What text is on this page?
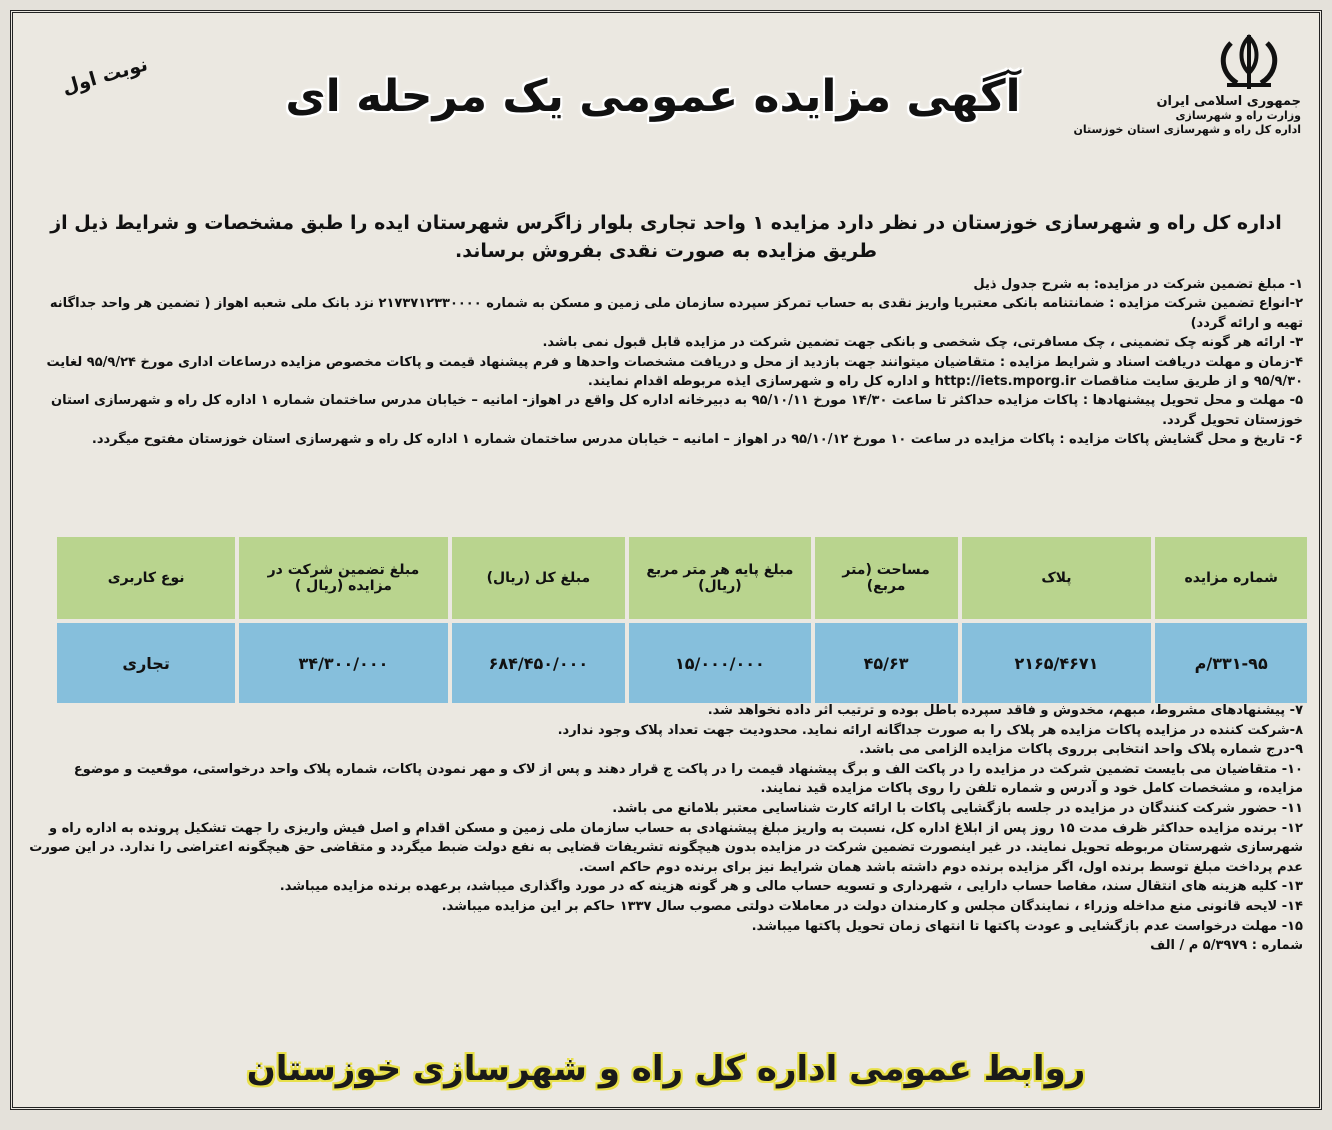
جمهوری اسلامی ایران
وزارت راه و شهرسازی
اداره کل راه و شهرسازی استان خوزستان
آگهی مزایده عمومی یک مرحله ای
نوبت اول
اداره کل راه و شهرسازی خوزستان در نظر دارد مزایده ۱ واحد تجاری بلوار زاگرس شهرستان ایده را طبق مشخصات و شرایط ذیل از طریق مزایده به صورت نقدی بفروش برساند.

۱- مبلغ تضمین شرکت در مزایده: به شرح جدول ذیل

۲-انواع تضمین شرکت مزایده : ضمانتنامه بانکی معتبریا واریز نقدی به حساب تمرکز سپرده سازمان ملی زمین و مسکن به شماره ۲۱۷۳۷۱۲۳۳۰۰۰۰ نزد بانک ملی شعبه اهواز ( تضمین هر واحد جداگانه تهیه و ارائه گردد)

۳- ارائه هر گونه چک تضمینی ، چک مسافرتی، چک شخصی و بانکی جهت تضمین شرکت در مزایده قابل قبول نمی باشد.

۴-زمان و مهلت دریافت اسناد و شرایط مزایده : متقاضیان میتوانند جهت بازدید از محل و دریافت مشخصات واحدها و فرم پیشنهاد قیمت و پاکات مخصوص مزایده درساعات اداری مورخ ۹۵/۹/۲۴ لغایت ۹۵/۹/۳۰ و از طریق سایت مناقصات http://iets.mporg.ir و اداره کل راه و شهرسازی ایذه مربوطه اقدام نمایند.

۵- مهلت و محل تحویل پیشنهادها : پاکات مزایده حداکثر تا ساعت ۱۴/۳۰ مورخ ۹۵/۱۰/۱۱ به دبیرخانه اداره کل واقع در اهواز- امانیه – خیابان مدرس ساختمان شماره ۱ اداره کل راه و شهرسازی استان خوزستان تحویل گردد.

۶- تاریخ و محل گشایش پاکات مزایده : پاکات مزایده در ساعت ۱۰ مورخ ۹۵/۱۰/۱۲ در اهواز – امانیه – خیابان مدرس ساختمان شماره ۱ اداره کل راه و شهرسازی استان خوزستان مفتوح میگردد.

شماره مزایده	پلاک	مساحت (متر مربع)	مبلغ پایه هر متر مربع (ریال)	مبلغ کل (ریال)	مبلغ تضمین شرکت در مزایده (ریال )	نوع کاربری
۳۳۱-۹۵/م	۲۱۶۵/۴۶۷۱	۴۵/۶۳	۱۵/۰۰۰/۰۰۰	۶۸۴/۴۵۰/۰۰۰	۳۴/۳۰۰/۰۰۰	تجاری

۷- پیشنهادهای مشروط، مبهم، مخدوش و فاقد سپرده باطل بوده و ترتیب اثر داده نخواهد شد.

۸-شرکت کننده در مزایده پاکات مزایده هر پلاک را به صورت جداگانه ارائه نماید. محدودیت جهت تعداد پلاک وجود ندارد.

۹-درج شماره پلاک واحد انتخابی برروی پاکات مزایده الزامی می باشد.

۱۰- متقاضیان می بایست تضمین شرکت در مزایده را در پاکت الف و برگ پیشنهاد قیمت را در پاکت ج قرار دهند و پس از لاک و مهر نمودن پاکات، شماره پلاک واحد درخواستی، موقعیت و موضوع مزایده، و مشخصات کامل خود و آدرس و شماره تلفن را روی پاکات مزایده قید نمایند.

۱۱- حضور شرکت کنندگان در مزایده در جلسه بازگشایی پاکات با ارائه کارت شناسایی معتبر بلامانع می باشد.

۱۲- برنده مزایده حداکثر ظرف مدت ۱۵ روز پس از ابلاغ اداره کل، نسبت به واریز مبلغ پیشنهادی به حساب سازمان ملی زمین و مسکن اقدام و اصل فیش واریزی را جهت تشکیل پرونده به اداره راه و شهرسازی شهرستان مربوطه تحویل نمایند. در غیر اینصورت تضمین شرکت در مزایده بدون هیچگونه تشریفات قضایی به نفع دولت ضبط میگردد و متقاضی حق هیچگونه اعتراضی را ندارد. در این صورت عدم پرداخت مبلغ توسط برنده اول، اگر مزایده برنده دوم داشته باشد همان شرایط نیز برای برنده دوم حاکم است.

۱۳- کلیه هزینه های انتقال سند، مفاصا حساب دارایی ، شهرداری و تسویه حساب مالی و هر گونه هزینه که در مورد واگذاری میباشد، برعهده برنده مزایده میباشد.

۱۴- لایحه قانونی منع مداخله وزراء ، نمایندگان مجلس و کارمندان دولت در معاملات دولتی مصوب سال ۱۳۳۷ حاکم بر این مزایده میباشد.

۱۵- مهلت درخواست عدم بازگشایی و عودت پاکتها تا انتهای زمان تحویل پاکتها میباشد.

شماره : ۵/۳۹۷۹ م / الف

روابط عمومی اداره کل راه و شهرسازی خوزستان
